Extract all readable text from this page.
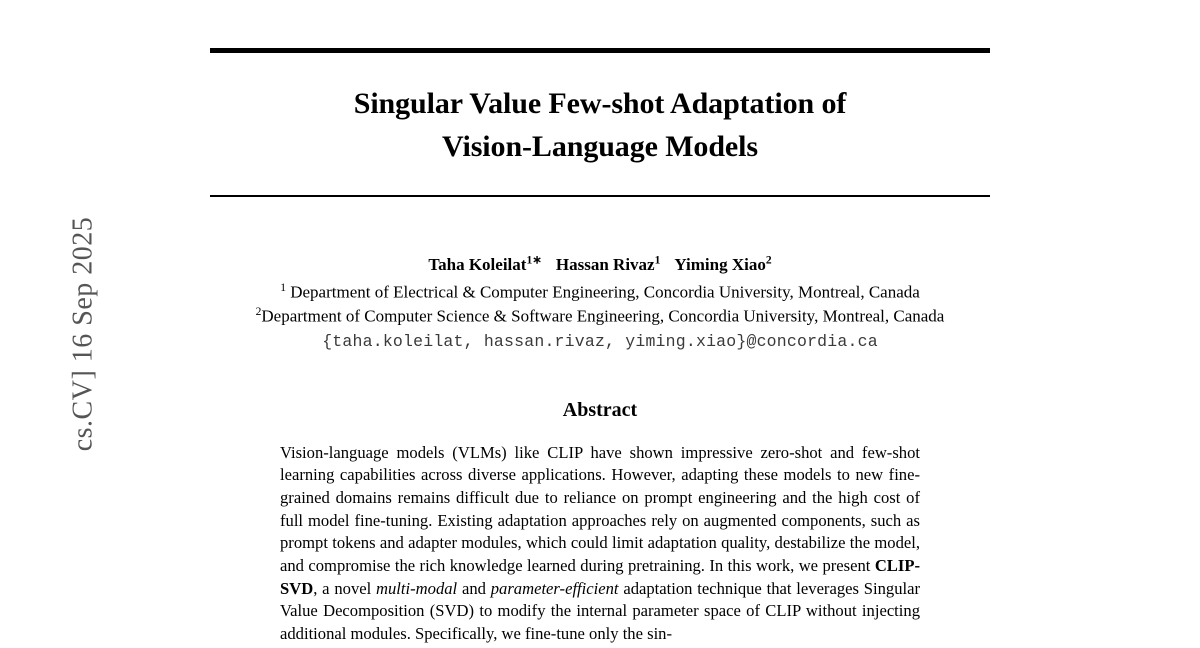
cs.CV] 16 Sep 2025
Singular Value Few-shot Adaptation of
Vision-Language Models
Taha Koleilat$^{1∗}$ Hassan Rivaz$^1$ Yiming Xiao$^2$
$^1$ Department of Electrical & Computer Engineering, Concordia University, Montreal, Canada
$^2$Department of Computer Science & Software Engineering, Concordia University, Montreal, Canada
{taha.koleilat, hassan.rivaz, yiming.xiao}@concordia.ca
Abstract
Vision-language models (VLMs) like CLIP have shown impressive zero-shot and few-shot learning capabilities across diverse applications. However, adapting these models to new fine-grained domains remains difficult due to reliance on prompt engineering and the high cost of full model fine-tuning. Existing adaptation approaches rely on augmented components, such as prompt tokens and adapter modules, which could limit adaptation quality, destabilize the model, and compromise the rich knowledge learned during pretraining. In this work, we present CLIP-SVD, a novel multi-modal and parameter-efficient adaptation technique that leverages Singular Value Decomposition (SVD) to modify the internal parameter space of CLIP without injecting additional modules. Specifically, we fine-tune only the sin-
